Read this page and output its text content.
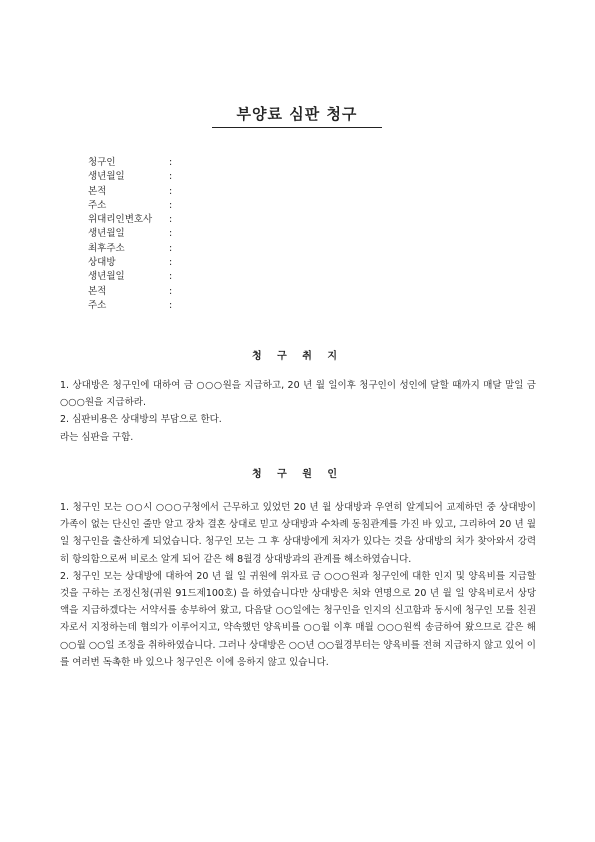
부양료 심판 청구
청구인	:
생년월일	:
본적	:
주소	:
위대리인변호사 :
생년월일	:
최후주소	:
상대방	:
생년월일	:
본적	:
주소	:
청 구 취 지
1. 상대방은 청구인에 대하여 금 ○○○원을 지급하고, 20 년 월 일이후 청구인이 성인에 달할 때까지 매달 말일 금 ○○○원을 지급하라.
2. 심판비용은 상대방의 부담으로 한다.
라는 심판을 구함.
청 구 원 인
1. 청구인 모는 ○○시 ○○○구청에서 근무하고 있었던 20 년 월 상대방과 우연히 알게되어 교제하던 중 상대방이 가족이 없는 단신인 줄만 알고 장차 결혼 상대로 믿고 상대방과 수차례 동침관계를 가진 바 있고, 그리하여 20 년 월 일 청구인을 출산하게 되었습니다. 청구인 모는 그 후 상대방에게 처자가 있다는 것을 상대방의 처가 찾아와서 강력히 항의함으로써 비로소 알게 되어 같은 해 8월경 상대방과의 관계를 해소하였습니다.
2. 청구인 모는 상대방에 대하여 20 년 월 일 귀원에 위자료 금 ○○○원과 청구인에 대한 인지 및 양육비를 지급할 것을 구하는 조정신청(귀원 91드제100호) 을 하였습니다만 상대방은 처와 연명으로 20 년 월 일 양육비로서 상당액을 지급하겠다는 서약서를 송부하여 왔고, 다음달 ○○일에는 청구인을 인지의 신고함과 동시에 청구인 모를 친권자로서 지정하는데 협의가 이루어지고, 약속했던 양육비를 ○○월 이후 매월 ○○○원씩 송금하여 왔으므로 같은 해 ○○월 ○○일 조정을 취하하였습니다. 그러나 상대방은 ○○년 ○○월경부터는 양육비를 전혀 지급하지 않고 있어 이를 여러번 독촉한 바 있으나 청구인은 이에 응하지 않고 있습니다.
